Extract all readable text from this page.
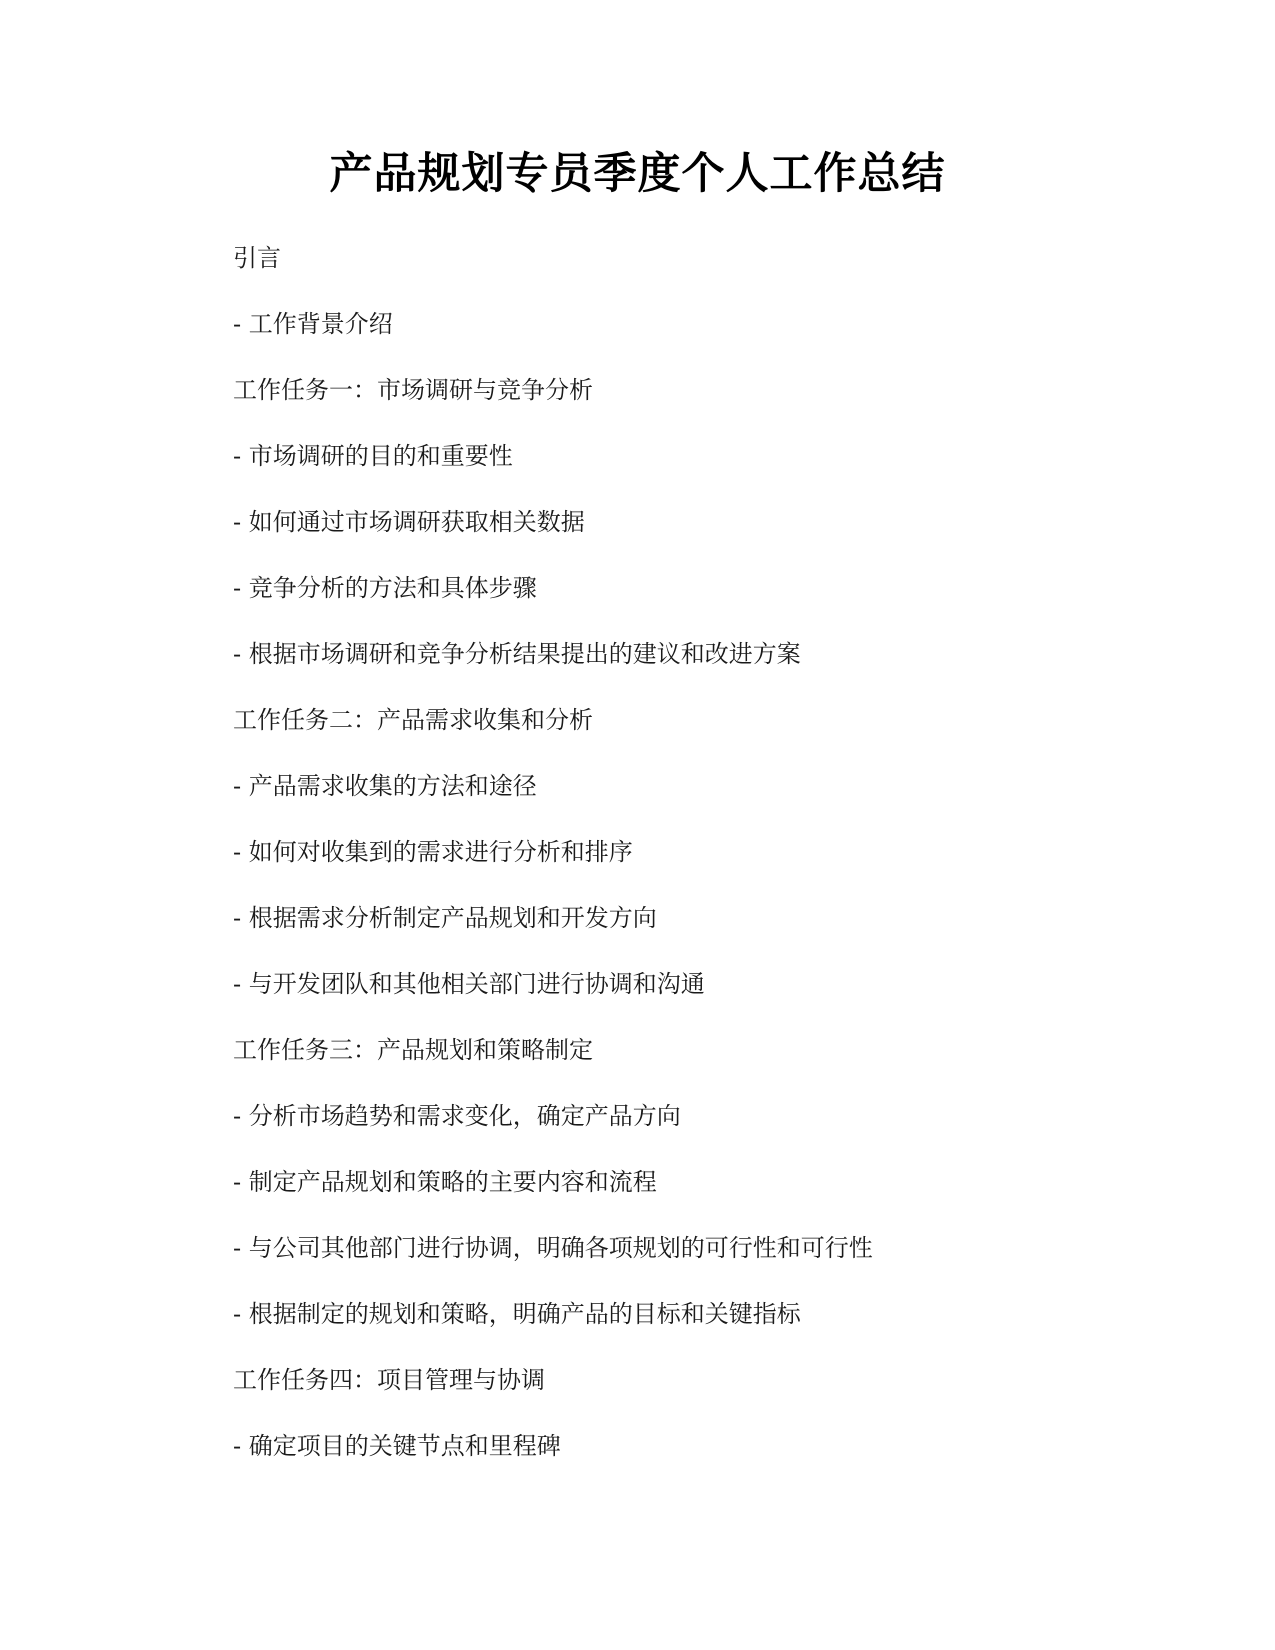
产品规划专员季度个人工作总结
引言
- 工作背景介绍
工作任务一：市场调研与竞争分析
- 市场调研的目的和重要性
- 如何通过市场调研获取相关数据
- 竞争分析的方法和具体步骤
- 根据市场调研和竞争分析结果提出的建议和改进方案
工作任务二：产品需求收集和分析
- 产品需求收集的方法和途径
- 如何对收集到的需求进行分析和排序
- 根据需求分析制定产品规划和开发方向
- 与开发团队和其他相关部门进行协调和沟通
工作任务三：产品规划和策略制定
- 分析市场趋势和需求变化，确定产品方向
- 制定产品规划和策略的主要内容和流程
- 与公司其他部门进行协调，明确各项规划的可行性和可行性
- 根据制定的规划和策略，明确产品的目标和关键指标
工作任务四：项目管理与协调
- 确定项目的关键节点和里程碑
